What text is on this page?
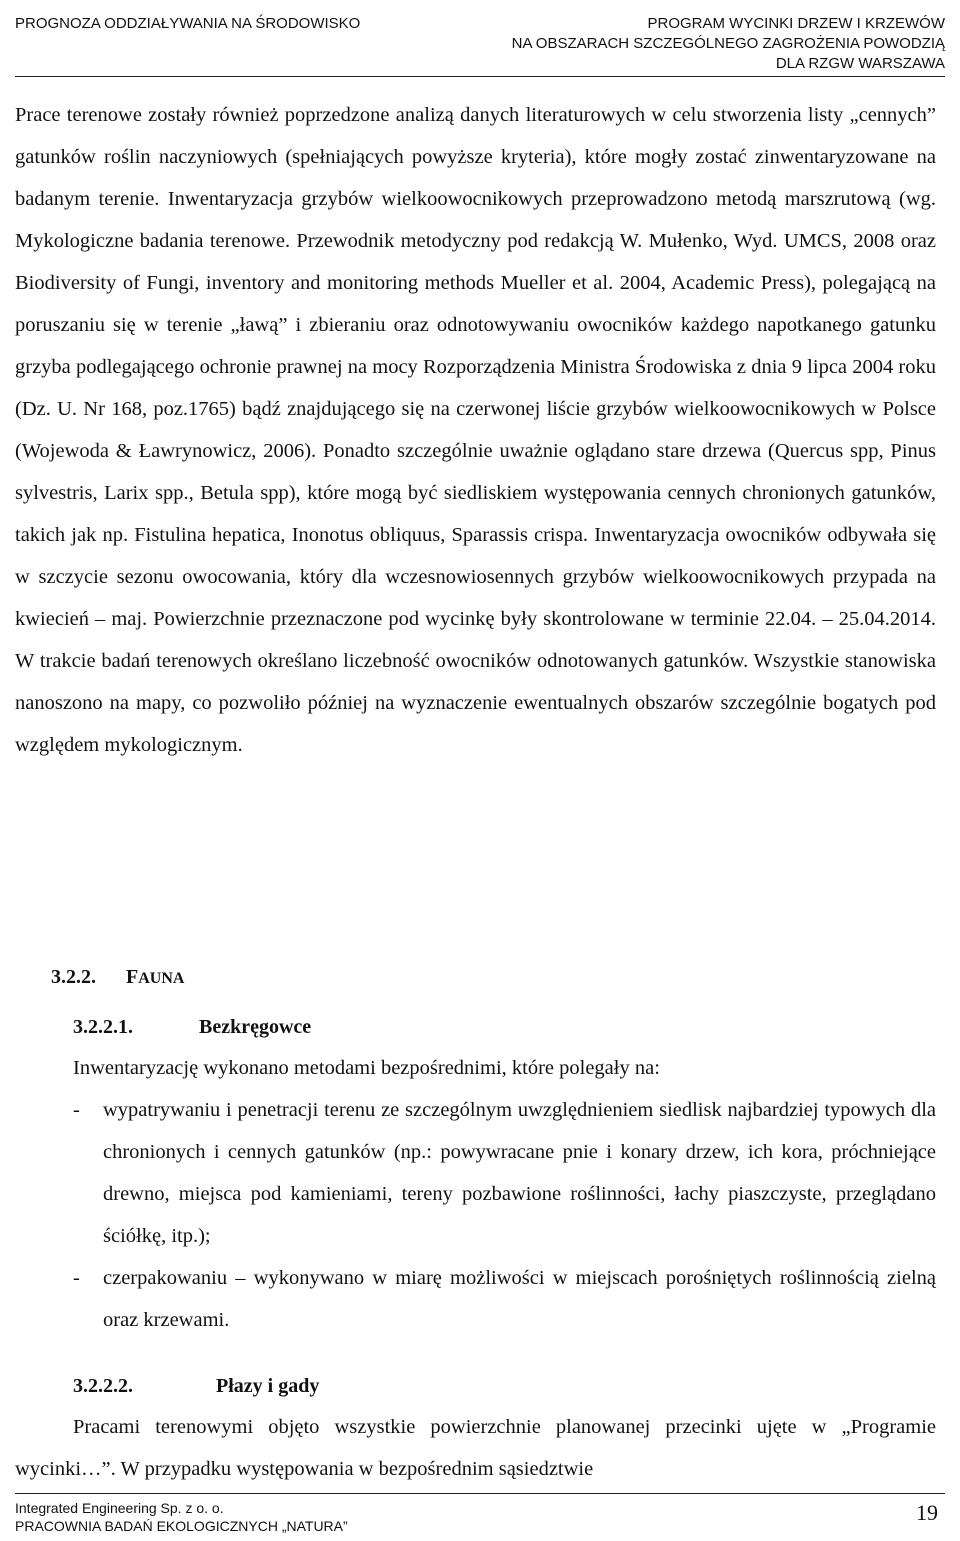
PROGNOZA ODDZIAŁYWANIA NA ŚRODOWISKO	PROGRAM WYCINKI DRZEW I KRZEWÓW
NA OBSZARACH SZCZEGÓLNEGO ZAGROŻENIA POWODZIĄ
DLA RZGW WARSZAWA
Prace terenowe zostały również poprzedzone analizą danych literaturowych w celu stworzenia listy „cennych” gatunków roślin naczyniowych (spełniających powyższe kryteria), które mogły zostać zinwentaryzowane na badanym terenie. Inwentaryzacja grzybów wielkoowocnikowych przeprowadzono metodą marszrutową (wg. Mykologiczne badania terenowe. Przewodnik metodyczny pod redakcją W. Mułenko, Wyd. UMCS, 2008 oraz Biodiversity of Fungi, inventory and monitoring methods Mueller et al. 2004, Academic Press), polegającą na poruszaniu się w terenie „ławą” i zbieraniu oraz odnotowywaniu owocników każdego napotkanego gatunku grzyba podlegającego ochronie prawnej na mocy Rozporządzenia Ministra Środowiska z dnia 9 lipca 2004 roku (Dz. U. Nr 168, poz.1765) bądź znajdującego się na czerwonej liście grzybów wielkoowocnikowych w Polsce (Wojewoda & Ławrynowicz, 2006). Ponadto szczególnie uważnie oglądano stare drzewa (Quercus spp, Pinus sylvestris, Larix spp., Betula spp), które mogą być siedliskiem występowania cennych chronionych gatunków, takich jak np. Fistulina hepatica, Inonotus obliquus, Sparassis crispa. Inwentaryzacja owocników odbywała się w szczycie sezonu owocowania, który dla wczesnowiosennych grzybów wielkoowocnikowych przypada na kwiecień – maj. Powierzchnie przeznaczone pod wycinkę były skontrolowane w terminie 22.04. – 25.04.2014. W trakcie badań terenowych określano liczebność owocników odnotowanych gatunków. Wszystkie stanowiska nanoszono na mapy, co pozwoliło później na wyznaczenie ewentualnych obszarów szczególnie bogatych pod względem mykologicznym.
3.2.2. FAUNA
3.2.2.1.	Bezkręgowce
Inwentaryzację wykonano metodami bezpośrednimi, które polegały na:
- wypatrywaniu i penetracji terenu ze szczególnym uwzględnieniem siedlisk najbardziej typowych dla chronionych i cennych gatunków (np.: powywracane pnie i konary drzew, ich kora, próchniejące drewno, miejsca pod kamieniami, tereny pozbawione roślinności, łachy piaszczyste, przeglądano ściółkę, itp.);
- czerpakowaniu – wykonywano w miarę możliwości w miejscach porośniętych roślinnością zielną oraz krzewami.
3.2.2.2.	Płazy i gady
Pracami terenowymi objęto wszystkie powierzchnie planowanej przecinki ujęte w „Programie wycinki…”. W przypadku występowania w bezpośrednim sąsiedztwie
Integrated Engineering Sp. z o. o.
PRACOWNIA BADAŃ EKOLOGICZNYCH „NATURA”
19
